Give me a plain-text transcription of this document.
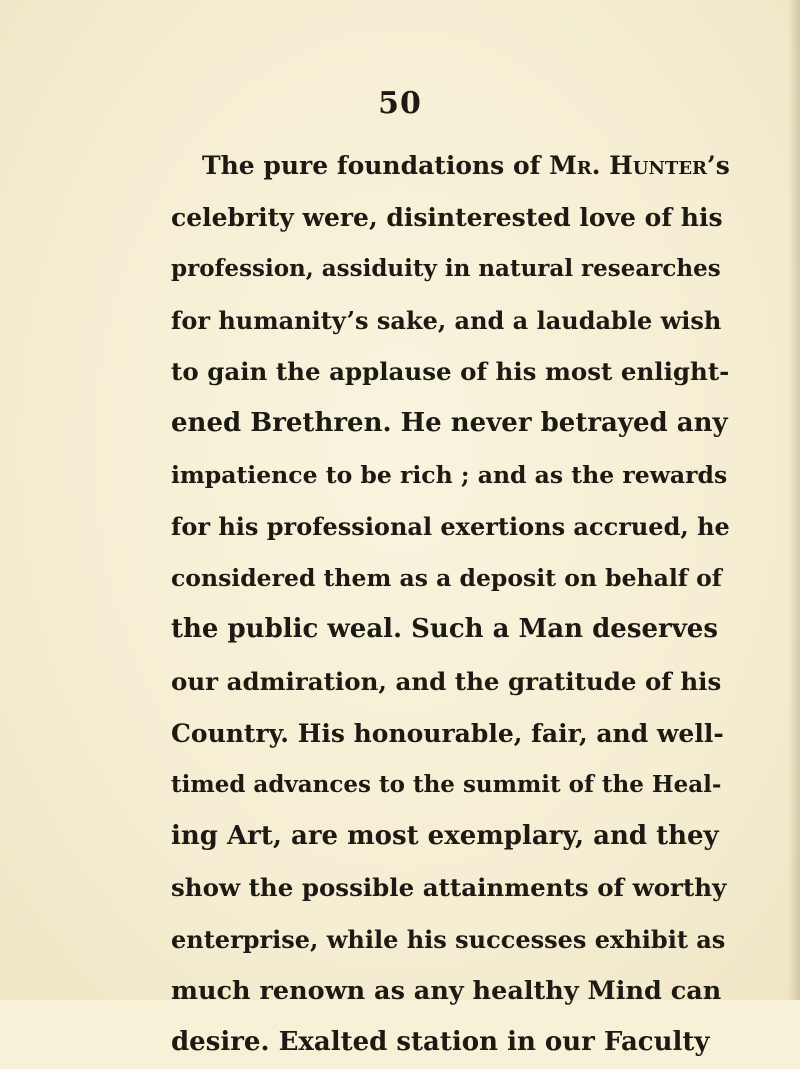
50
The pure foundations of Mr. Hunter’s
celebrity were, disinterested love of his
profession, assiduity in natural researches
for humanity’s sake, and a laudable wish
to gain the applause of his most enlight-
ened Brethren. He never betrayed any
impatience to be rich ; and as the rewards
for his professional exertions accrued, he
considered them as a deposit on behalf of
the public weal. Such a Man deserves
our admiration, and the gratitude of his
Country. His honourable, fair, and well-
timed advances to the summit of the Heal-
ing Art, are most exemplary, and they
show the possible attainments of worthy
enterprise, while his successes exhibit as
much renown as any healthy Mind can
desire. Exalted station in our Faculty
